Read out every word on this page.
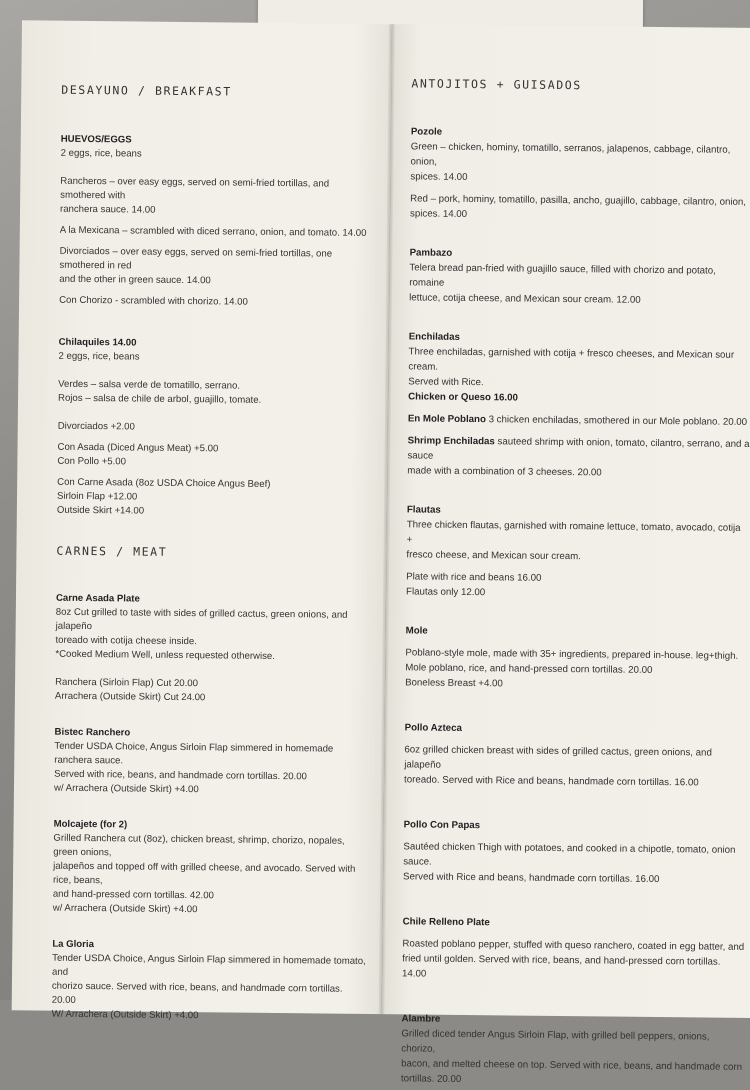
DESAYUNO / BREAKFAST
HUEVOS/EGGS
2 eggs, rice, beans
Rancheros – over easy eggs, served on semi-fried tortillas, and smothered with
ranchera sauce. 14.00
A la Mexicana – scrambled with diced serrano, onion, and tomato. 14.00
Divorciados – over easy eggs, served on semi-fried tortillas, one smothered in red
and the other in green sauce. 14.00
Con Chorizo - scrambled with chorizo. 14.00
Chilaquiles 14.00
2 eggs, rice, beans
Verdes – salsa verde de tomatillo, serrano.
Rojos – salsa de chile de arbol, guajillo, tomate.
Divorciados +2.00
Con Asada (Diced Angus Meat) +5.00
Con Pollo +5.00
Con Carne Asada (8oz USDA Choice Angus Beef)
Sirloin Flap +12.00
Outside Skirt +14.00
CARNES / MEAT
Carne Asada Plate
8oz Cut grilled to taste with sides of grilled cactus, green onions, and jalapeño
toreado with cotija cheese inside.
*Cooked Medium Well, unless requested otherwise.
Ranchera (Sirloin Flap) Cut 20.00
Arrachera (Outside Skirt) Cut 24.00
Bistec Ranchero
Tender USDA Choice, Angus Sirloin Flap simmered in homemade ranchera sauce.
Served with rice, beans, and handmade corn tortillas. 20.00
w/ Arrachera (Outside Skirt) +4.00
Molcajete (for 2)
Grilled Ranchera cut (8oz), chicken breast, shrimp, chorizo, nopales, green onions,
jalapeños and topped off with grilled cheese, and avocado. Served with rice, beans,
and hand-pressed corn tortillas. 42.00
w/ Arrachera (Outside Skirt) +4.00
La Gloria
Tender USDA Choice, Angus Sirloin Flap simmered in homemade tomato, and
chorizo sauce. Served with rice, beans, and handmade corn tortillas. 20.00
W/ Arrachera (Outside Skirt) +4.00
ANTOJITOS + GUISADOS
Pozole
Green – chicken, hominy, tomatillo, serranos, jalapenos, cabbage, cilantro, onion,
spices. 14.00
Red – pork, hominy, tomatillo, pasilla, ancho, guajillo, cabbage, cilantro, onion,
spices. 14.00
Pambazo
Telera bread pan-fried with guajillo sauce, filled with chorizo and potato, romaine
lettuce, cotija cheese, and Mexican sour cream. 12.00
Enchiladas
Three enchiladas, garnished with cotija + fresco cheeses, and Mexican sour cream.
Served with Rice.
Chicken or Queso 16.00
En Mole Poblano 3 chicken enchiladas, smothered in our Mole poblano. 20.00
Shrimp Enchiladas sauteed shrimp with onion, tomato, cilantro, serrano, and a sauce
made with a combination of 3 cheeses. 20.00
Flautas
Three chicken flautas, garnished with romaine lettuce, tomato, avocado, cotija +
fresco cheese, and Mexican sour cream.
Plate with rice and beans 16.00
Flautas only 12.00
Mole
Poblano-style mole, made with 35+ ingredients, prepared in-house. leg+thigh.
Mole poblano, rice, and hand-pressed corn tortillas. 20.00
Boneless Breast +4.00
Pollo Azteca
6oz grilled chicken breast with sides of grilled cactus, green onions, and jalapeño
toreado. Served with Rice and beans, handmade corn tortillas. 16.00
Pollo Con Papas
Sautéed chicken Thigh with potatoes, and cooked in a chipotle, tomato, onion sauce.
Served with Rice and beans, handmade corn tortillas. 16.00
Chile Relleno Plate
Roasted poblano pepper, stuffed with queso ranchero, coated in egg batter, and
fried until golden. Served with rice, beans, and hand-pressed corn tortillas. 14.00
Alambre
Grilled diced tender Angus Sirloin Flap, with grilled bell peppers, onions, chorizo,
bacon, and melted cheese on top. Served with rice, beans, and handmade corn
tortillas. 20.00
